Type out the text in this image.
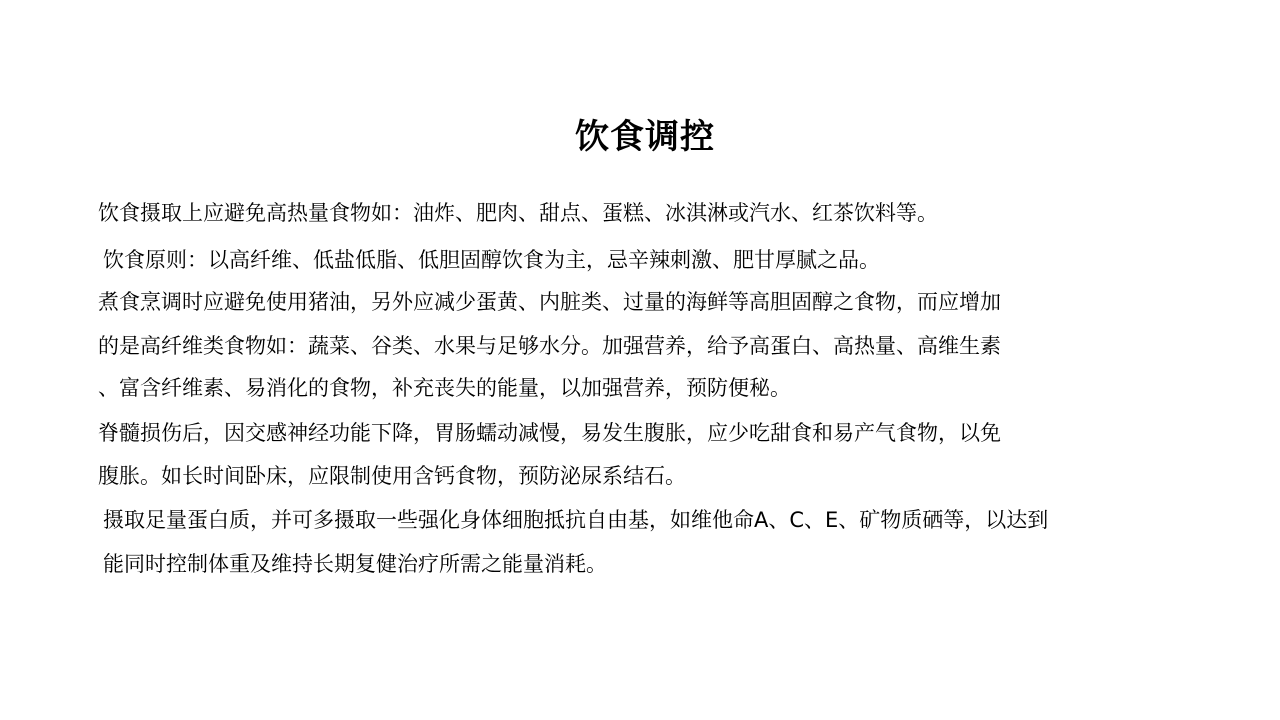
饮食调控
饮食摄取上应避免高热量食物如：油炸、肥肉、甜点、蛋糕、冰淇淋或汽水、红茶饮料等。
饮食原则：以高纤维、低盐低脂、低胆固醇饮食为主，忌辛辣刺激、肥甘厚腻之品。
煮食烹调时应避免使用猪油，另外应减少蛋黄、内脏类、过量的海鲜等高胆固醇之食物，而应增加
的是高纤维类食物如：蔬菜、谷类、水果与足够水分。加强营养，给予高蛋白、高热量、高维生素
、富含纤维素、易消化的食物，补充丧失的能量，以加强营养，预防便秘。
脊髓损伤后，因交感神经功能下降，胃肠蠕动减慢，易发生腹胀，应少吃甜食和易产气食物，以免
腹胀。如长时间卧床，应限制使用含钙食物，预防泌尿系结石。
摄取足量蛋白质，并可多摄取一些强化身体细胞抵抗自由基，如维他命A、C、E、矿物质硒等，以达到
能同时控制体重及维持长期复健治疗所需之能量消耗。
